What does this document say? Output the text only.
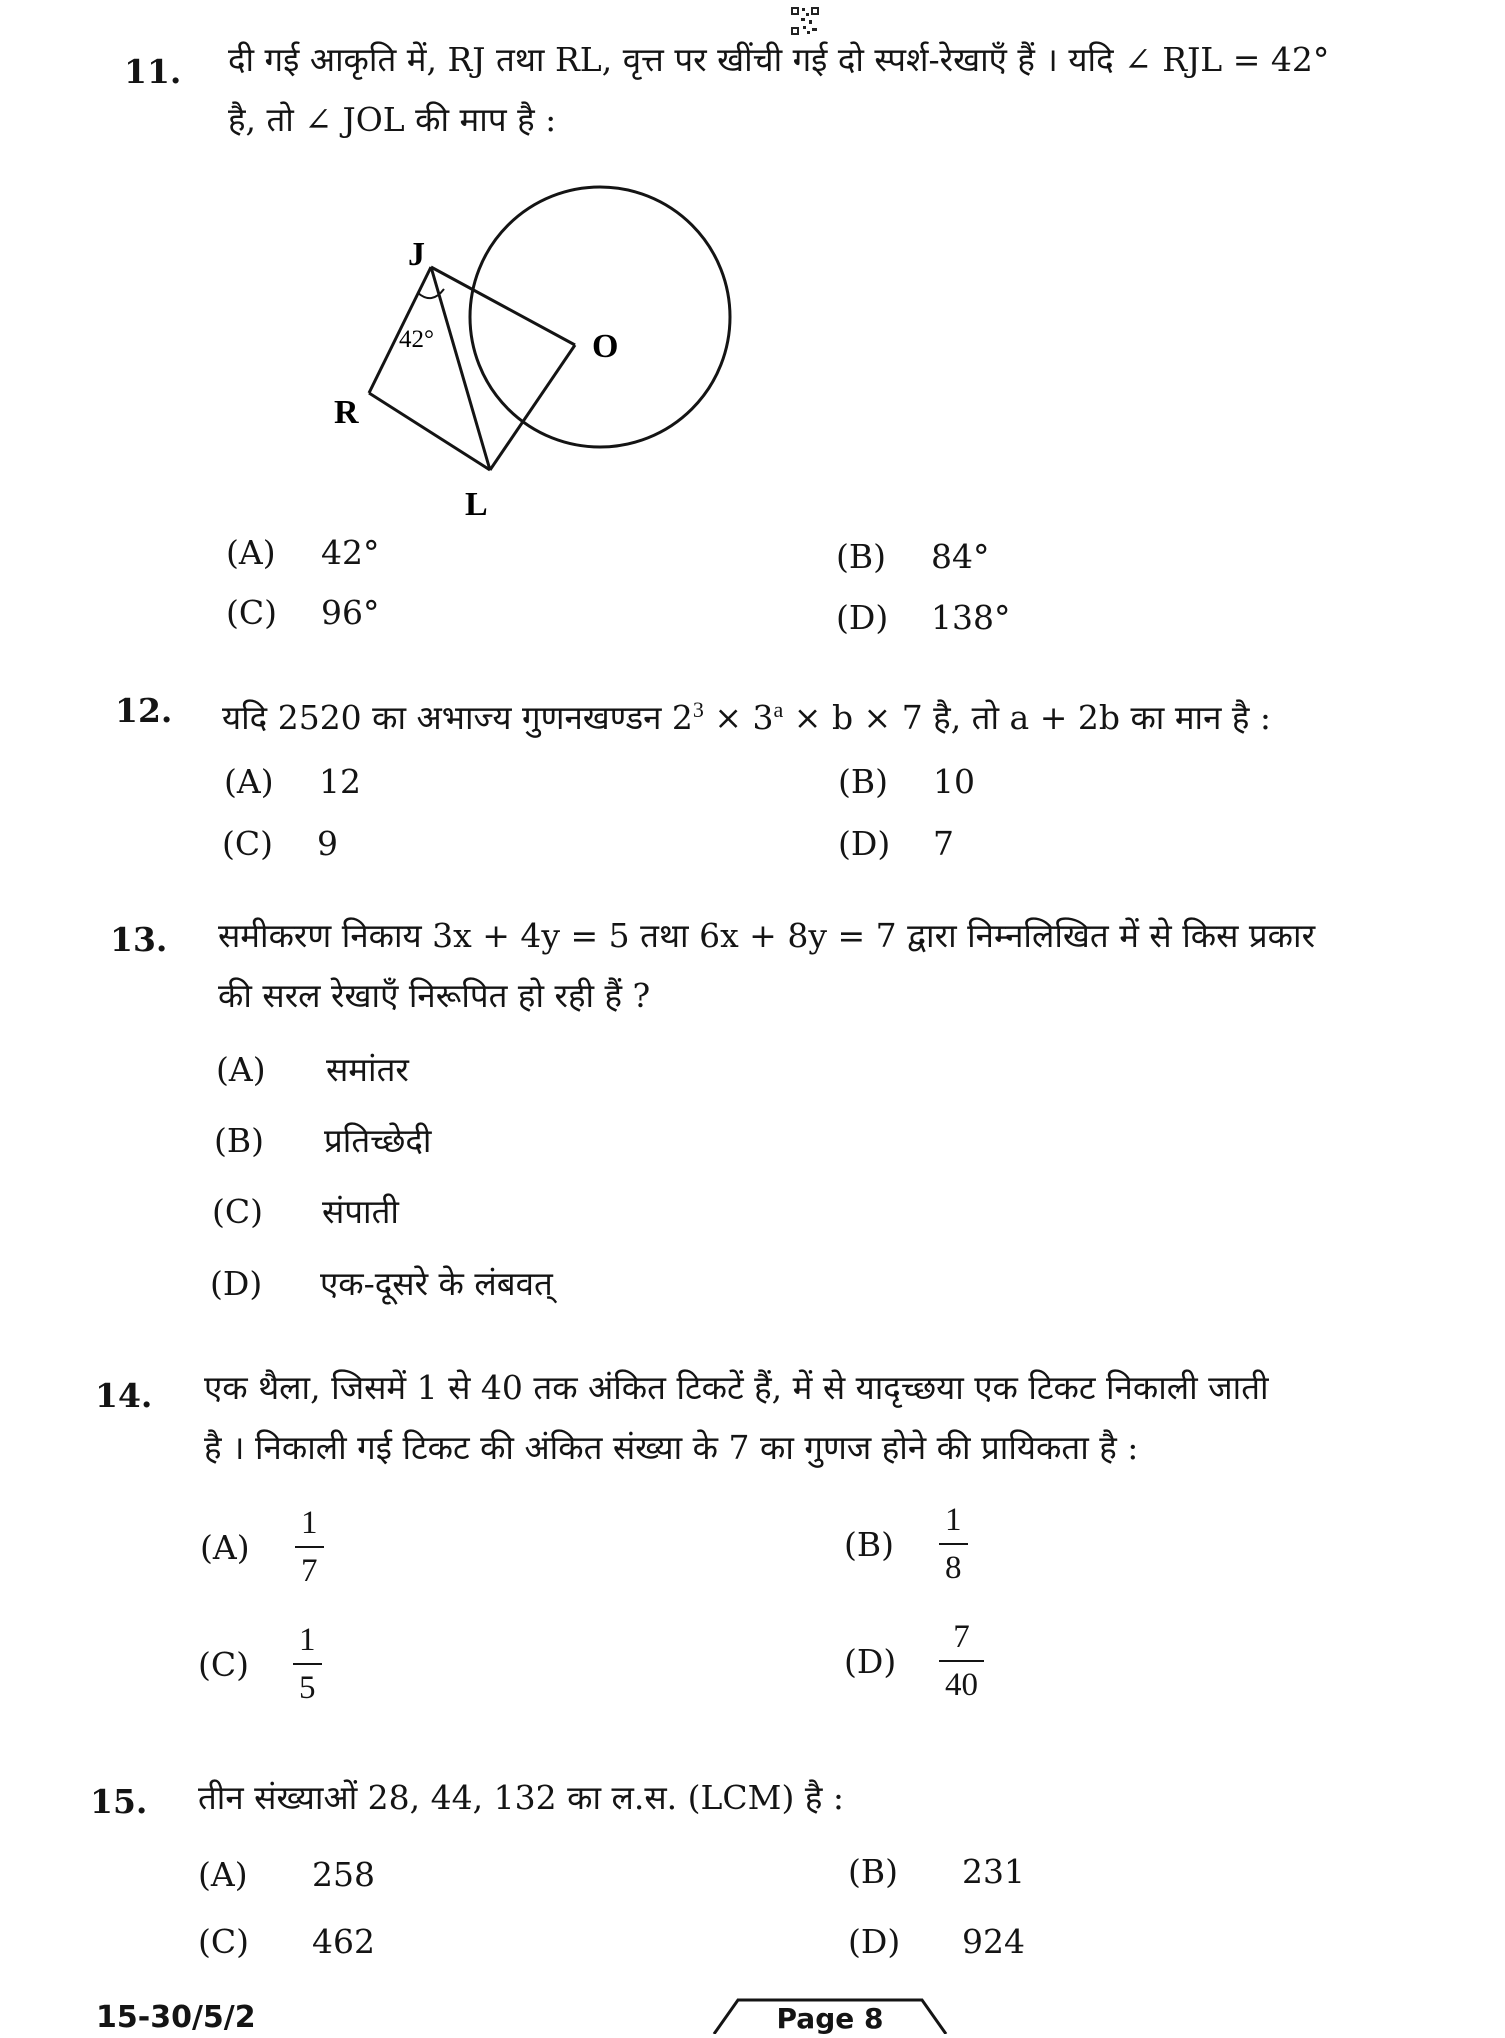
11. दी गई आकृति में, RJ तथा RL, वृत्त पर खींची गई दो स्पर्श-रेखाएँ हैं । यदि ∠ RJL = 42°
है, तो ∠ JOL की माप है :
J
O
R
L
42°
(A) 42°	(B) 84°
(C) 96°	(D) 138°
12. यदि 2520 का अभाज्य गुणनखण्डन $2^3 \times 3^a \times b \times 7$ है, तो a + 2b का मान है :
(A) 12	(B) 10
(C) 9	(D) 7
13. समीकरण निकाय 3x + 4y = 5 तथा 6x + 8y = 7 द्वारा निम्नलिखित में से किस प्रकार
की सरल रेखाएँ निरूपित हो रही हैं ?
(A) समांतर
(B) प्रतिच्छेदी
(C) संपाती
(D) एक-दूसरे के लंबवत्
14. एक थैला, जिसमें 1 से 40 तक अंकित टिकटें हैं, में से यादृच्छया एक टिकट निकाली जाती
है । निकाली गई टिकट की अंकित संख्या के 7 का गुणज होने की प्रायिकता है :
$(A) \frac{1}{7}$	$(B) \frac{1}{8}$
$(C) \frac{1}{5}$	$(D) \frac{7}{40}$
15. तीन संख्याओं 28, 44, 132 का ल.स. (LCM) है :
(A) 258	(B) 231
(C) 462	(D) 924
15-30/5/2	Page 8
